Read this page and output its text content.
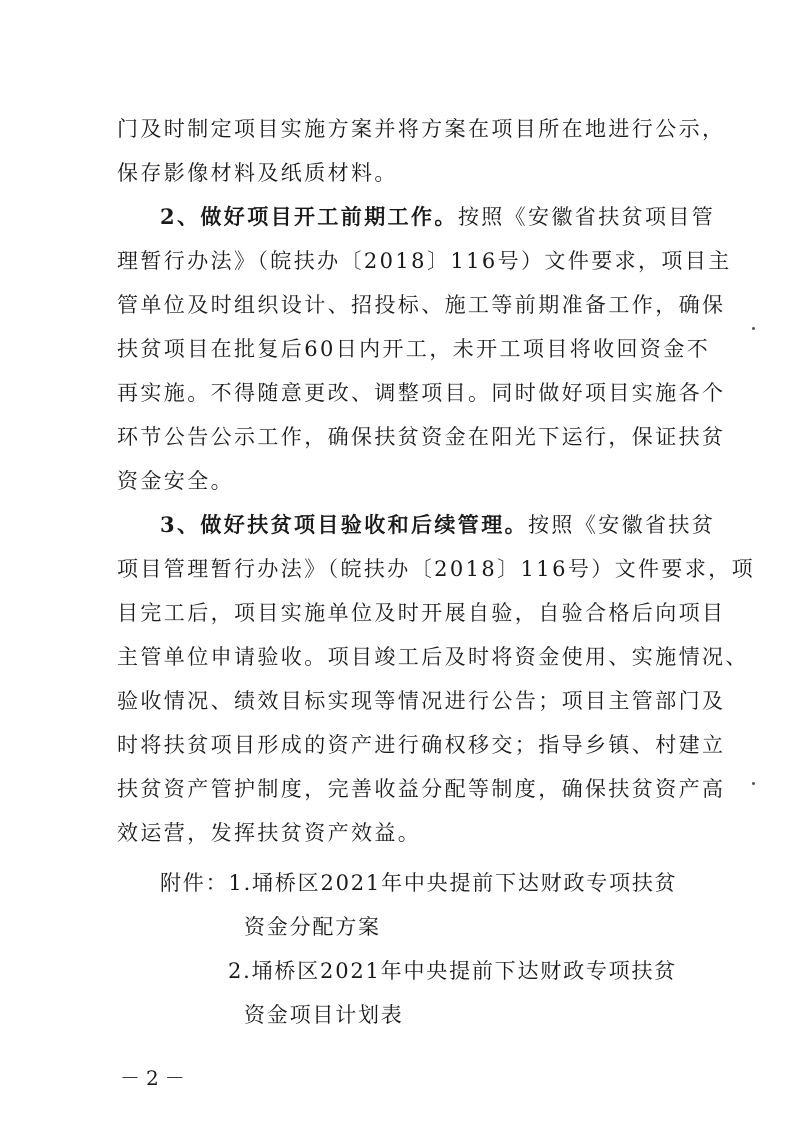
门及时制定项目实施方案并将方案在项目所在地进行公示，

保存影像材料及纸质材料。

2、做好项目开工前期工作。按照《安徽省扶贫项目管

理暂行办法》（皖扶办〔2018〕116号）文件要求，项目主

管单位及时组织设计、招投标、施工等前期准备工作，确保

扶贫项目在批复后60日内开工，未开工项目将收回资金不

再实施。不得随意更改、调整项目。同时做好项目实施各个

环节公告公示工作，确保扶贫资金在阳光下运行，保证扶贫

资金安全。

3、做好扶贫项目验收和后续管理。按照《安徽省扶贫

项目管理暂行办法》（皖扶办〔2018〕116号）文件要求，项

目完工后，项目实施单位及时开展自验，自验合格后向项目

主管单位申请验收。项目竣工后及时将资金使用、实施情况、

验收情况、绩效目标实现等情况进行公告；项目主管部门及

时将扶贫项目形成的资产进行确权移交；指导乡镇、村建立

扶贫资产管护制度，完善收益分配等制度，确保扶贫资产高

效运营，发挥扶贫资产效益。

附件：1.埇桥区2021年中央提前下达财政专项扶贫

资金分配方案

2.埇桥区2021年中央提前下达财政专项扶贫

资金项目计划表

－2－
